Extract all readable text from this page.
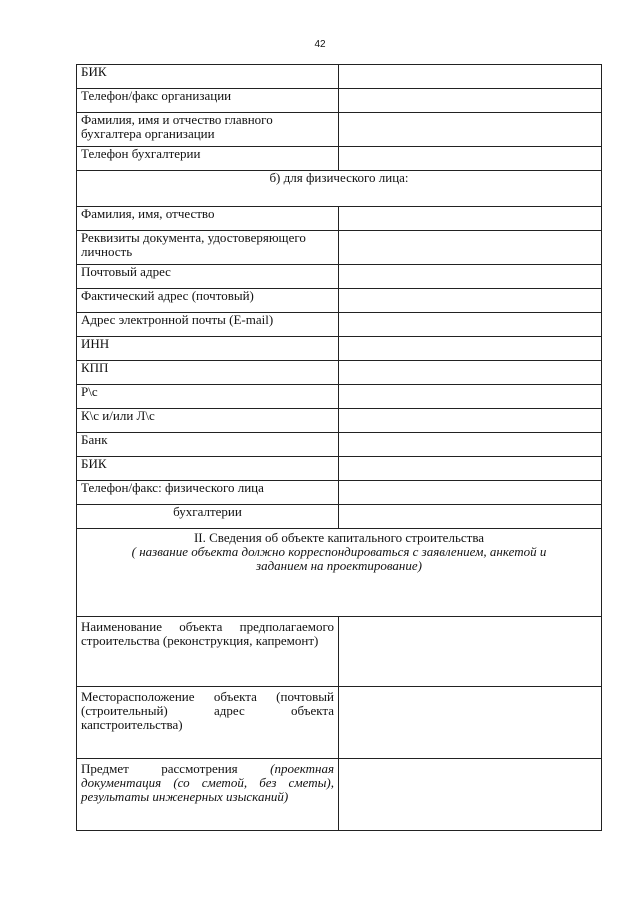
42
БИК	
Телефон/факс организации	
Фамилия, имя и отчество главного бухгалтера организации	
Телефон бухгалтерии	
б) для физического лица:	
Фамилия, имя, отчество	
Реквизиты документа, удостоверяющего личность	
Почтовый адрес	
Фактический адрес (почтовый)	
Адрес электронной почты (E-mail)	
ИНН	
КПП	
Р\с	
К\с и/или Л\с	
Банк	
БИК	
Телефон/факс: физического лица	
бухгалтерии	

II. Сведения об объекте капитального строительства
( название объекта должно корреспондироваться с заявлением, анкетой и заданием на проектирование)	

Наименование объекта предполагаемого строительства (реконструкция, капремонт)	

Месторасположение объекта (почтовый (строительный) адрес объекта капстроительства)	

Предмет рассмотрения (проектная документация (со сметой, без сметы), результаты инженерных изысканий)	
